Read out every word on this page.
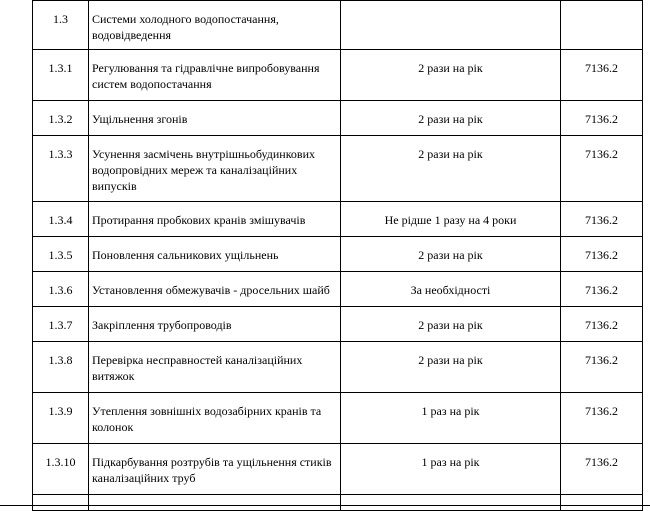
1.3	Системи холодного водопостачання, водовідведення		

1.3.1	Регулювання та гідравлічне випробовування систем водопостачання	2 рази на рік	7136.2

1.3.2	Ущільнення згонів	2 рази на рік	7136.2

1.3.3	Усунення засмічень внутрішньобудинкових водопровідних мереж та каналізаційних випусків	2 рази на рік	7136.2

1.3.4	Протирання пробкових кранів змішувачів	Не рідше 1 разу на 4 роки	7136.2

1.3.5	Поновлення сальникових ущільнень	2 рази на рік	7136.2

1.3.6	Установлення обмежувачів - дросельних шайб	За необхідності	7136.2

1.3.7	Закріплення трубопроводів	2 рази на рік	7136.2

1.3.8	Перевірка несправностей каналізаційних витяжок	2 рази на рік	7136.2

1.3.9	Утеплення зовнішніх водозабірних кранів та колонок	1 раз на рік	7136.2

1.3.10	Підкарбування розтрубів та ущільнення стиків каналізаційних труб	1 раз на рік	7136.2
